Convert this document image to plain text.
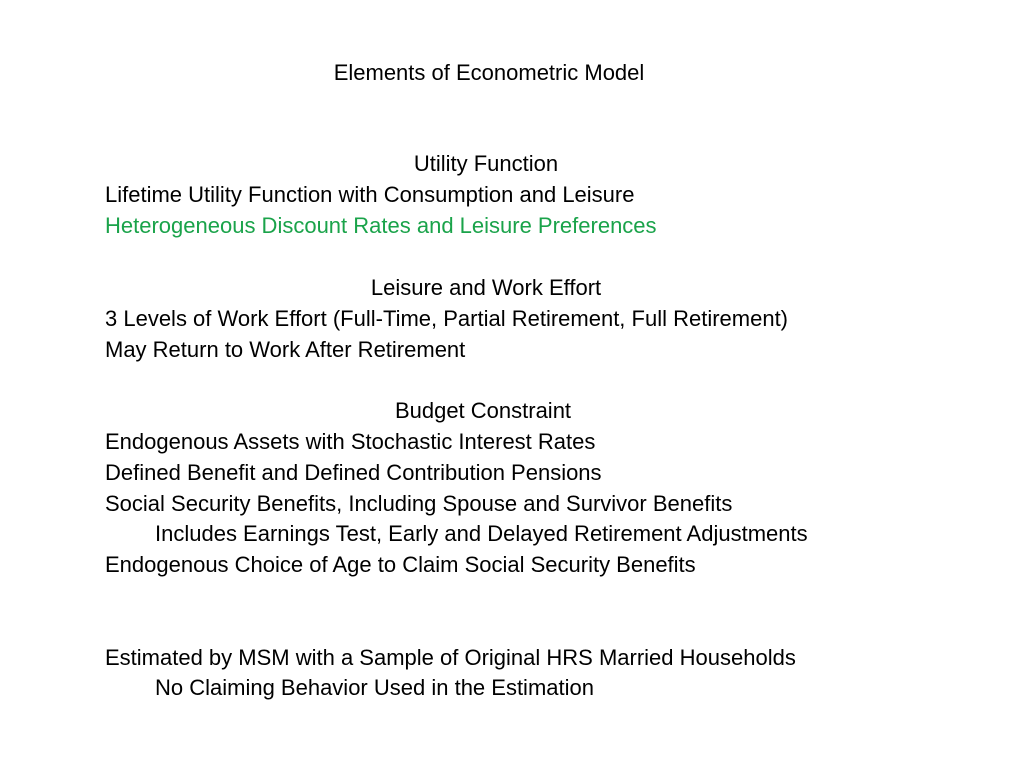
Elements of Econometric Model
Utility Function
Lifetime Utility Function with Consumption and Leisure
Heterogeneous Discount Rates and Leisure Preferences
Leisure and Work Effort
3 Levels of Work Effort (Full-Time, Partial Retirement, Full Retirement)
May Return to Work After Retirement
Budget Constraint
Endogenous Assets with Stochastic Interest Rates
Defined Benefit and Defined Contribution Pensions
Social Security Benefits, Including Spouse and Survivor Benefits
Includes Earnings Test, Early and Delayed Retirement Adjustments
Endogenous Choice of Age to Claim Social Security Benefits
Estimated by MSM with a Sample of Original HRS Married Households
No Claiming Behavior Used in the Estimation
